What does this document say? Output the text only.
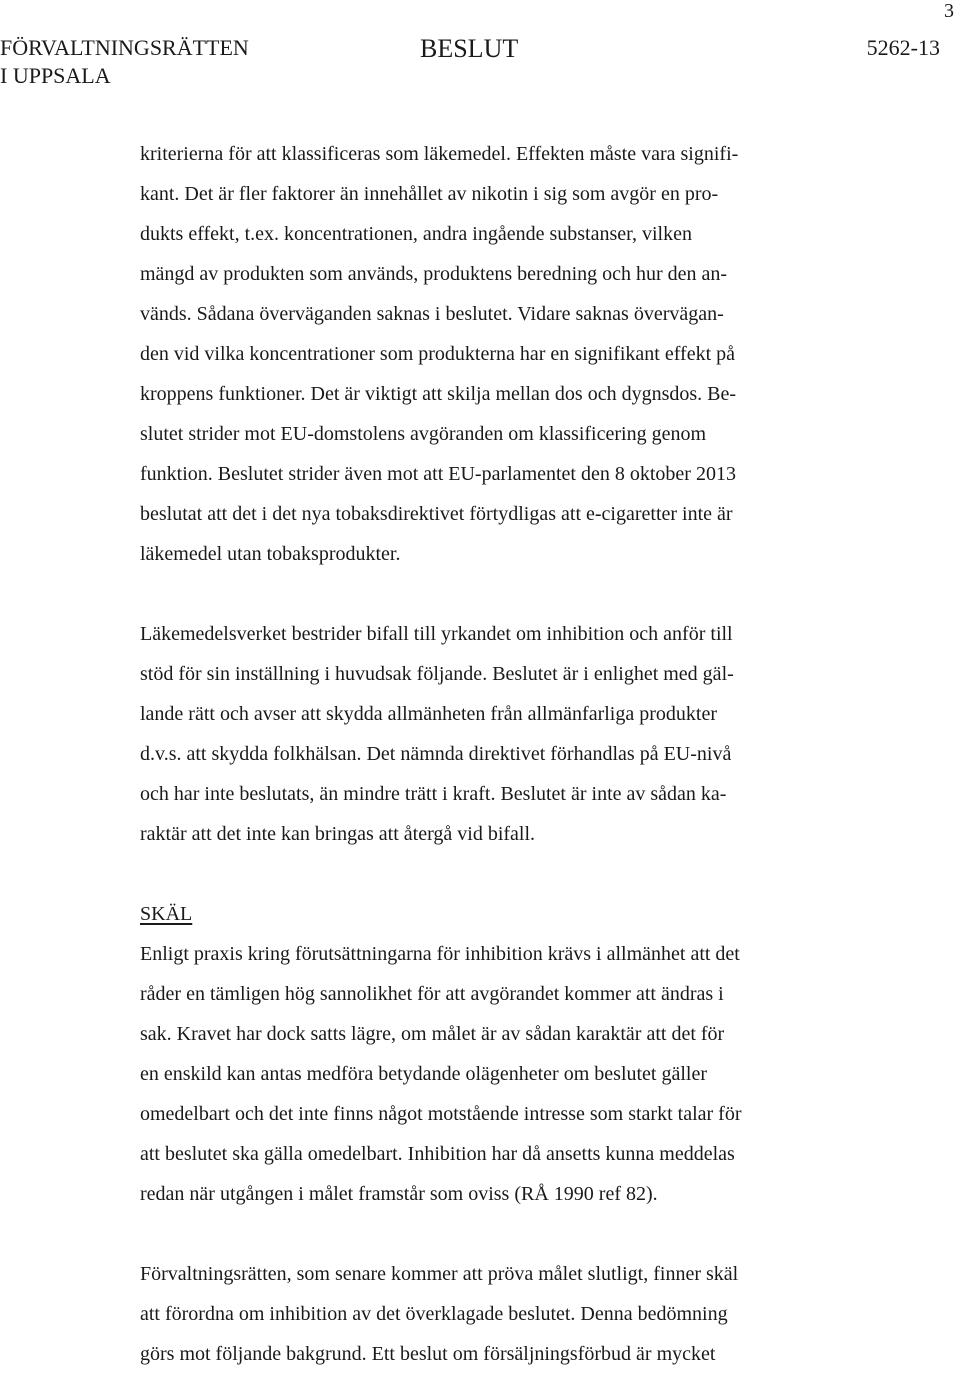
3
FÖRVALTNINGSRÄTTEN
I UPPSALA
BESLUT	5262-13
kriterierna för att klassificeras som läkemedel. Effekten måste vara signifi-
kant. Det är fler faktorer än innehållet av nikotin i sig som avgör en pro-
dukts effekt, t.ex. koncentrationen, andra ingående substanser, vilken
mängd av produkten som används, produktens beredning och hur den an-
vänds. Sådana överväganden saknas i beslutet. Vidare saknas övervägan-
den vid vilka koncentrationer som produkterna har en signifikant effekt på
kroppens funktioner. Det är viktigt att skilja mellan dos och dygnsdos. Be-
slutet strider mot EU-domstolens avgöranden om klassificering genom
funktion. Beslutet strider även mot att EU-parlamentet den 8 oktober 2013
beslutat att det i det nya tobaksdirektivet förtydligas att e-cigaretter inte är
läkemedel utan tobaksprodukter.
Läkemedelsverket bestrider bifall till yrkandet om inhibition och anför till
stöd för sin inställning i huvudsak följande. Beslutet är i enlighet med gäl-
lande rätt och avser att skydda allmänheten från allmänfarliga produkter
d.v.s. att skydda folkhälsan. Det nämnda direktivet förhandlas på EU-nivå
och har inte beslutats, än mindre trätt i kraft. Beslutet är inte av sådan ka-
raktär att det inte kan bringas att återgå vid bifall.
SKÄL
Enligt praxis kring förutsättningarna för inhibition krävs i allmänhet att det
råder en tämligen hög sannolikhet för att avgörandet kommer att ändras i
sak. Kravet har dock satts lägre, om målet är av sådan karaktär att det för
en enskild kan antas medföra betydande olägenheter om beslutet gäller
omedelbart och det inte finns något motstående intresse som starkt talar för
att beslutet ska gälla omedelbart. Inhibition har då ansetts kunna meddelas
redan när utgången i målet framstår som oviss (RÅ 1990 ref 82).
Förvaltningsrätten, som senare kommer att pröva målet slutligt, finner skäl
att förordna om inhibition av det överklagade beslutet. Denna bedömning
görs mot följande bakgrund. Ett beslut om försäljningsförbud är mycket
